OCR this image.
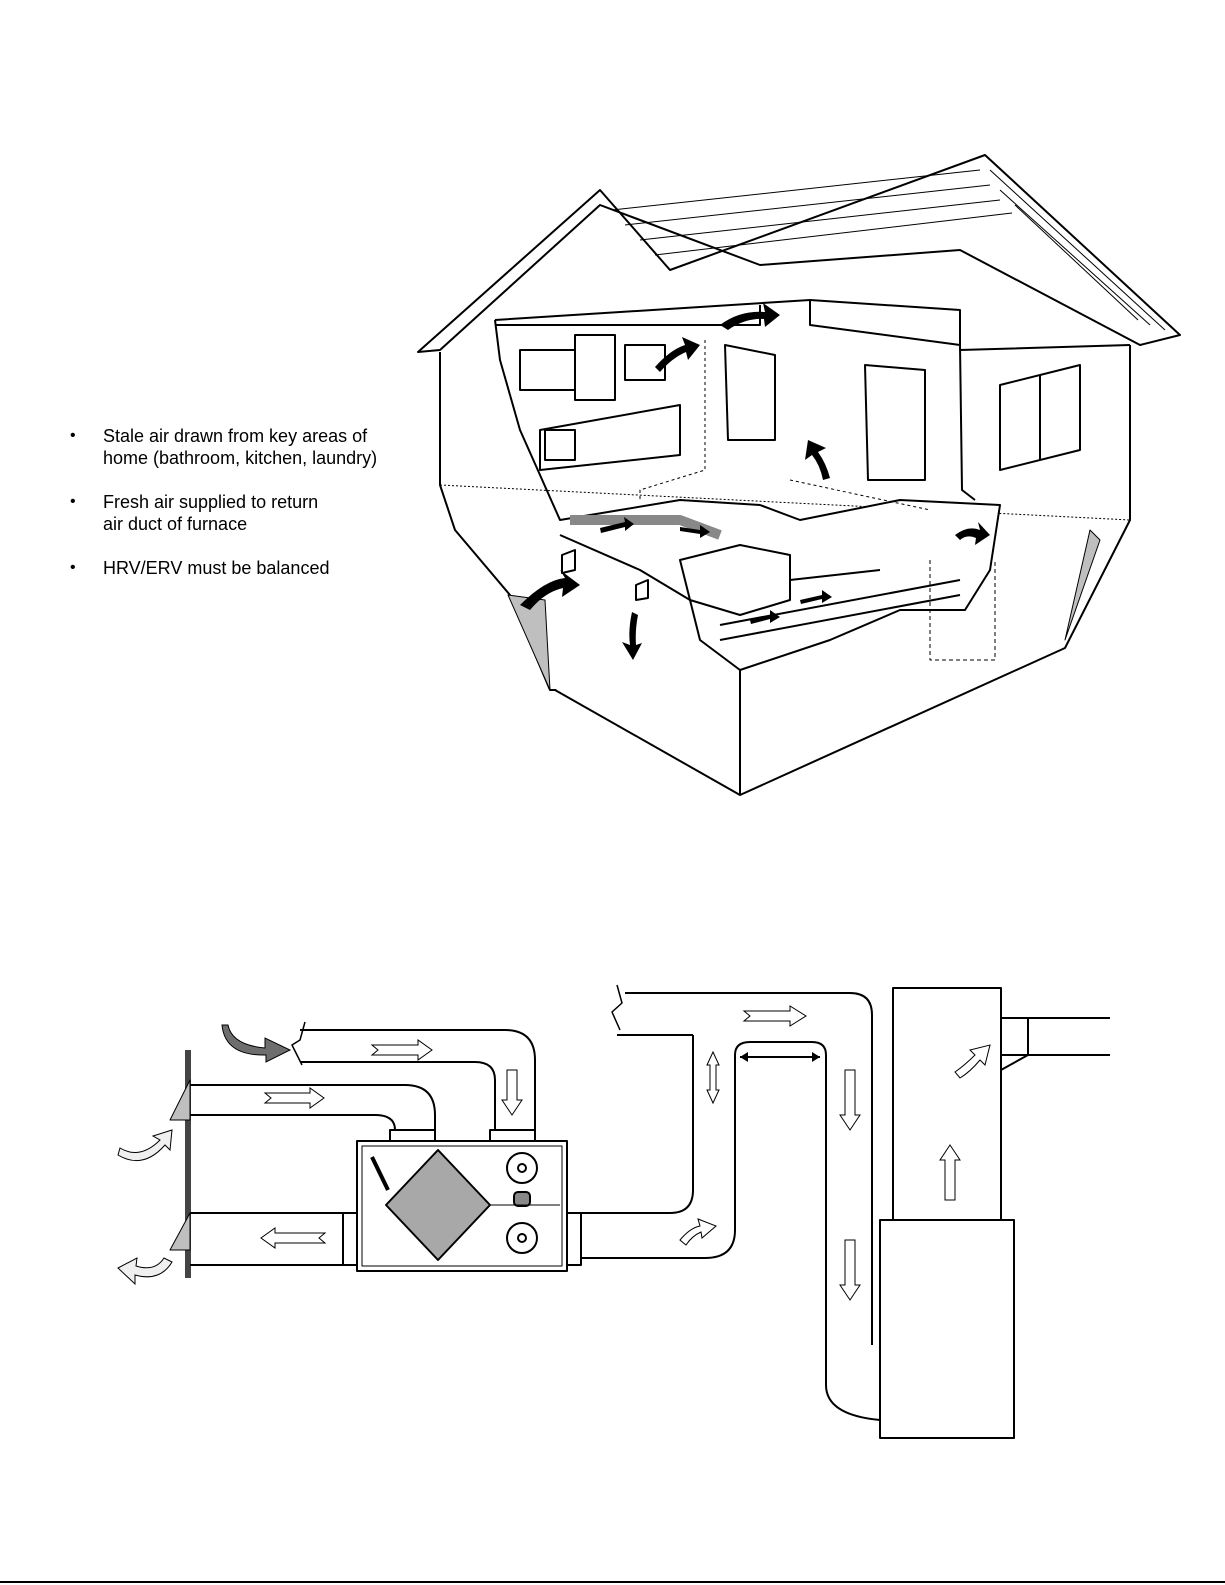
• Stale air drawn from key areas of
home (bathroom, kitchen, laundry)
• Fresh air supplied to return
air duct of furnace
• HRV/ERV must be balanced
